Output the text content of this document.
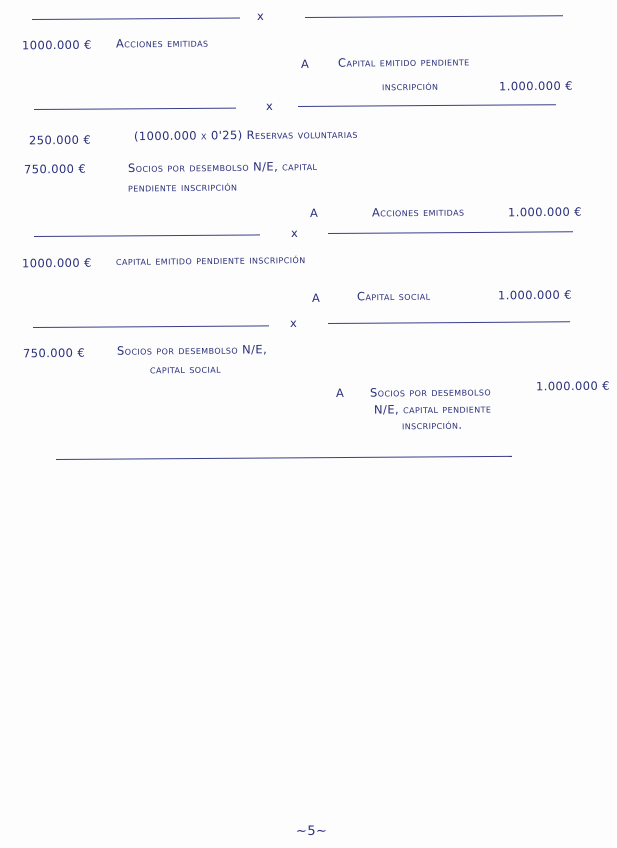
x
1000.000 € Acciones emitidas
A Capital emitido pendiente
inscripción	1.000.000 €
x
250.000 €	(1000.000 x 0'25) Reservas voluntarias
750.000 €	Socios por desembolso N/E, capital
pendiente inscripción
A	Acciones emitidas	1.000.000 €
x
1000.000 € capital emitido pendiente inscripción
A	Capital social	1.000.000 €
x
750.000 €	Socios por desembolso N/E,
capital social
A Socios por desembolso	1.000.000 €
N/E, capital pendiente
inscripción.
~5~
